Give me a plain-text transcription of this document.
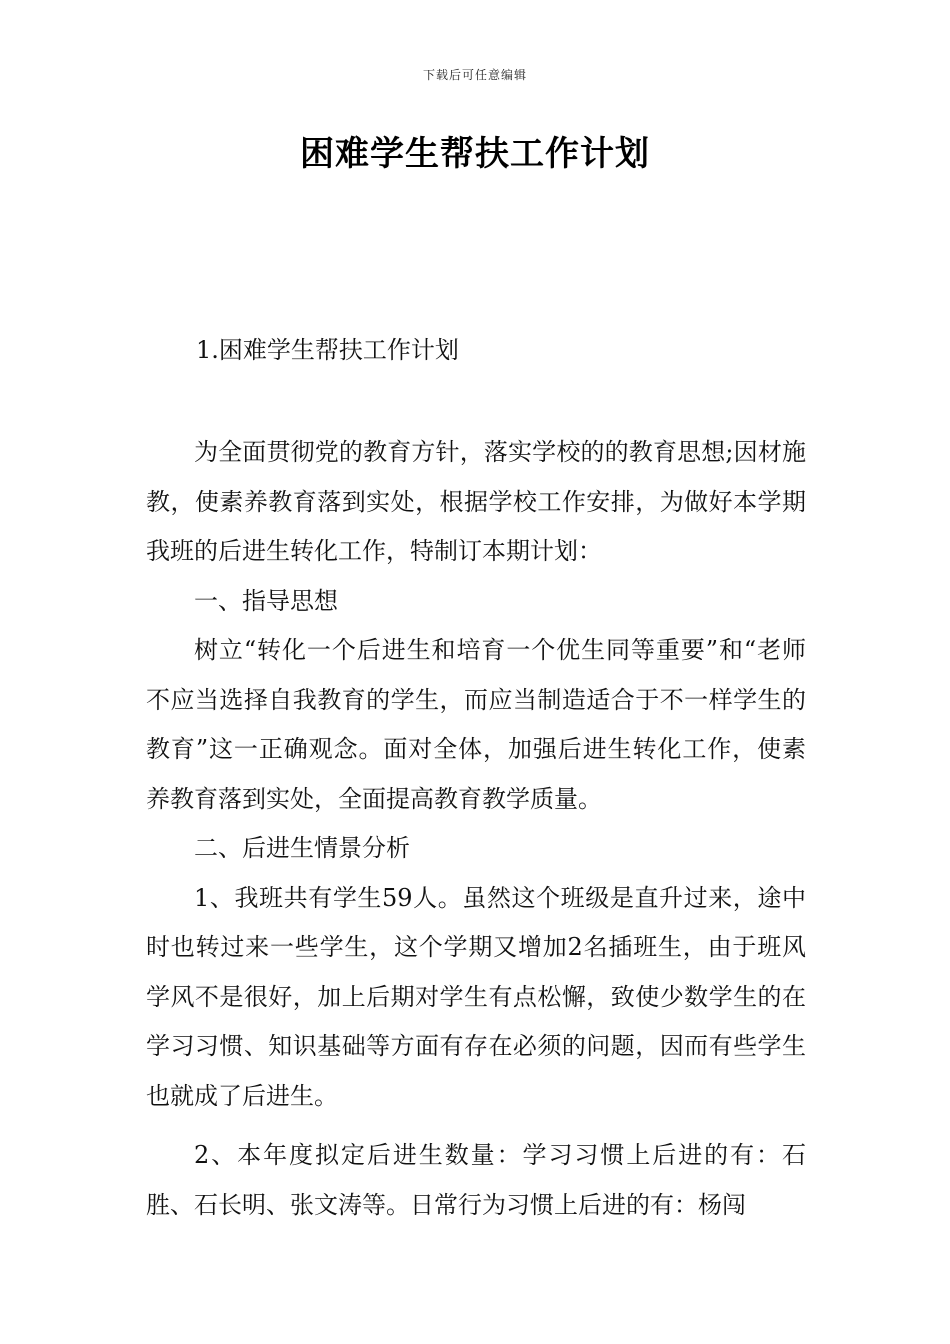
下载后可任意编辑
困难学生帮扶工作计划

1.困难学生帮扶工作计划

为全面贯彻党的教育方针，落实学校的的教育思想;因材施教，使素养教育落到实处，根据学校工作安排，为做好本学期我班的后进生转化工作，特制订本期计划：

一、指导思想

树立“转化一个后进生和培育一个优生同等重要”和“老师不应当选择自我教育的学生，而应当制造适合于不一样学生的教育”这一正确观念。面对全体，加强后进生转化工作，使素养教育落到实处，全面提高教育教学质量。

二、后进生情景分析

1、我班共有学生59人。虽然这个班级是直升过来，途中时也转过来一些学生，这个学期又增加2名插班生，由于班风学风不是很好，加上后期对学生有点松懈，致使少数学生的在学习习惯、知识基础等方面有存在必须的问题，因而有些学生也就成了后进生。

2、本年度拟定后进生数量：学习习惯上后进的有：石胜、石长明、张文涛等。日常行为习惯上后进的有：杨闯
